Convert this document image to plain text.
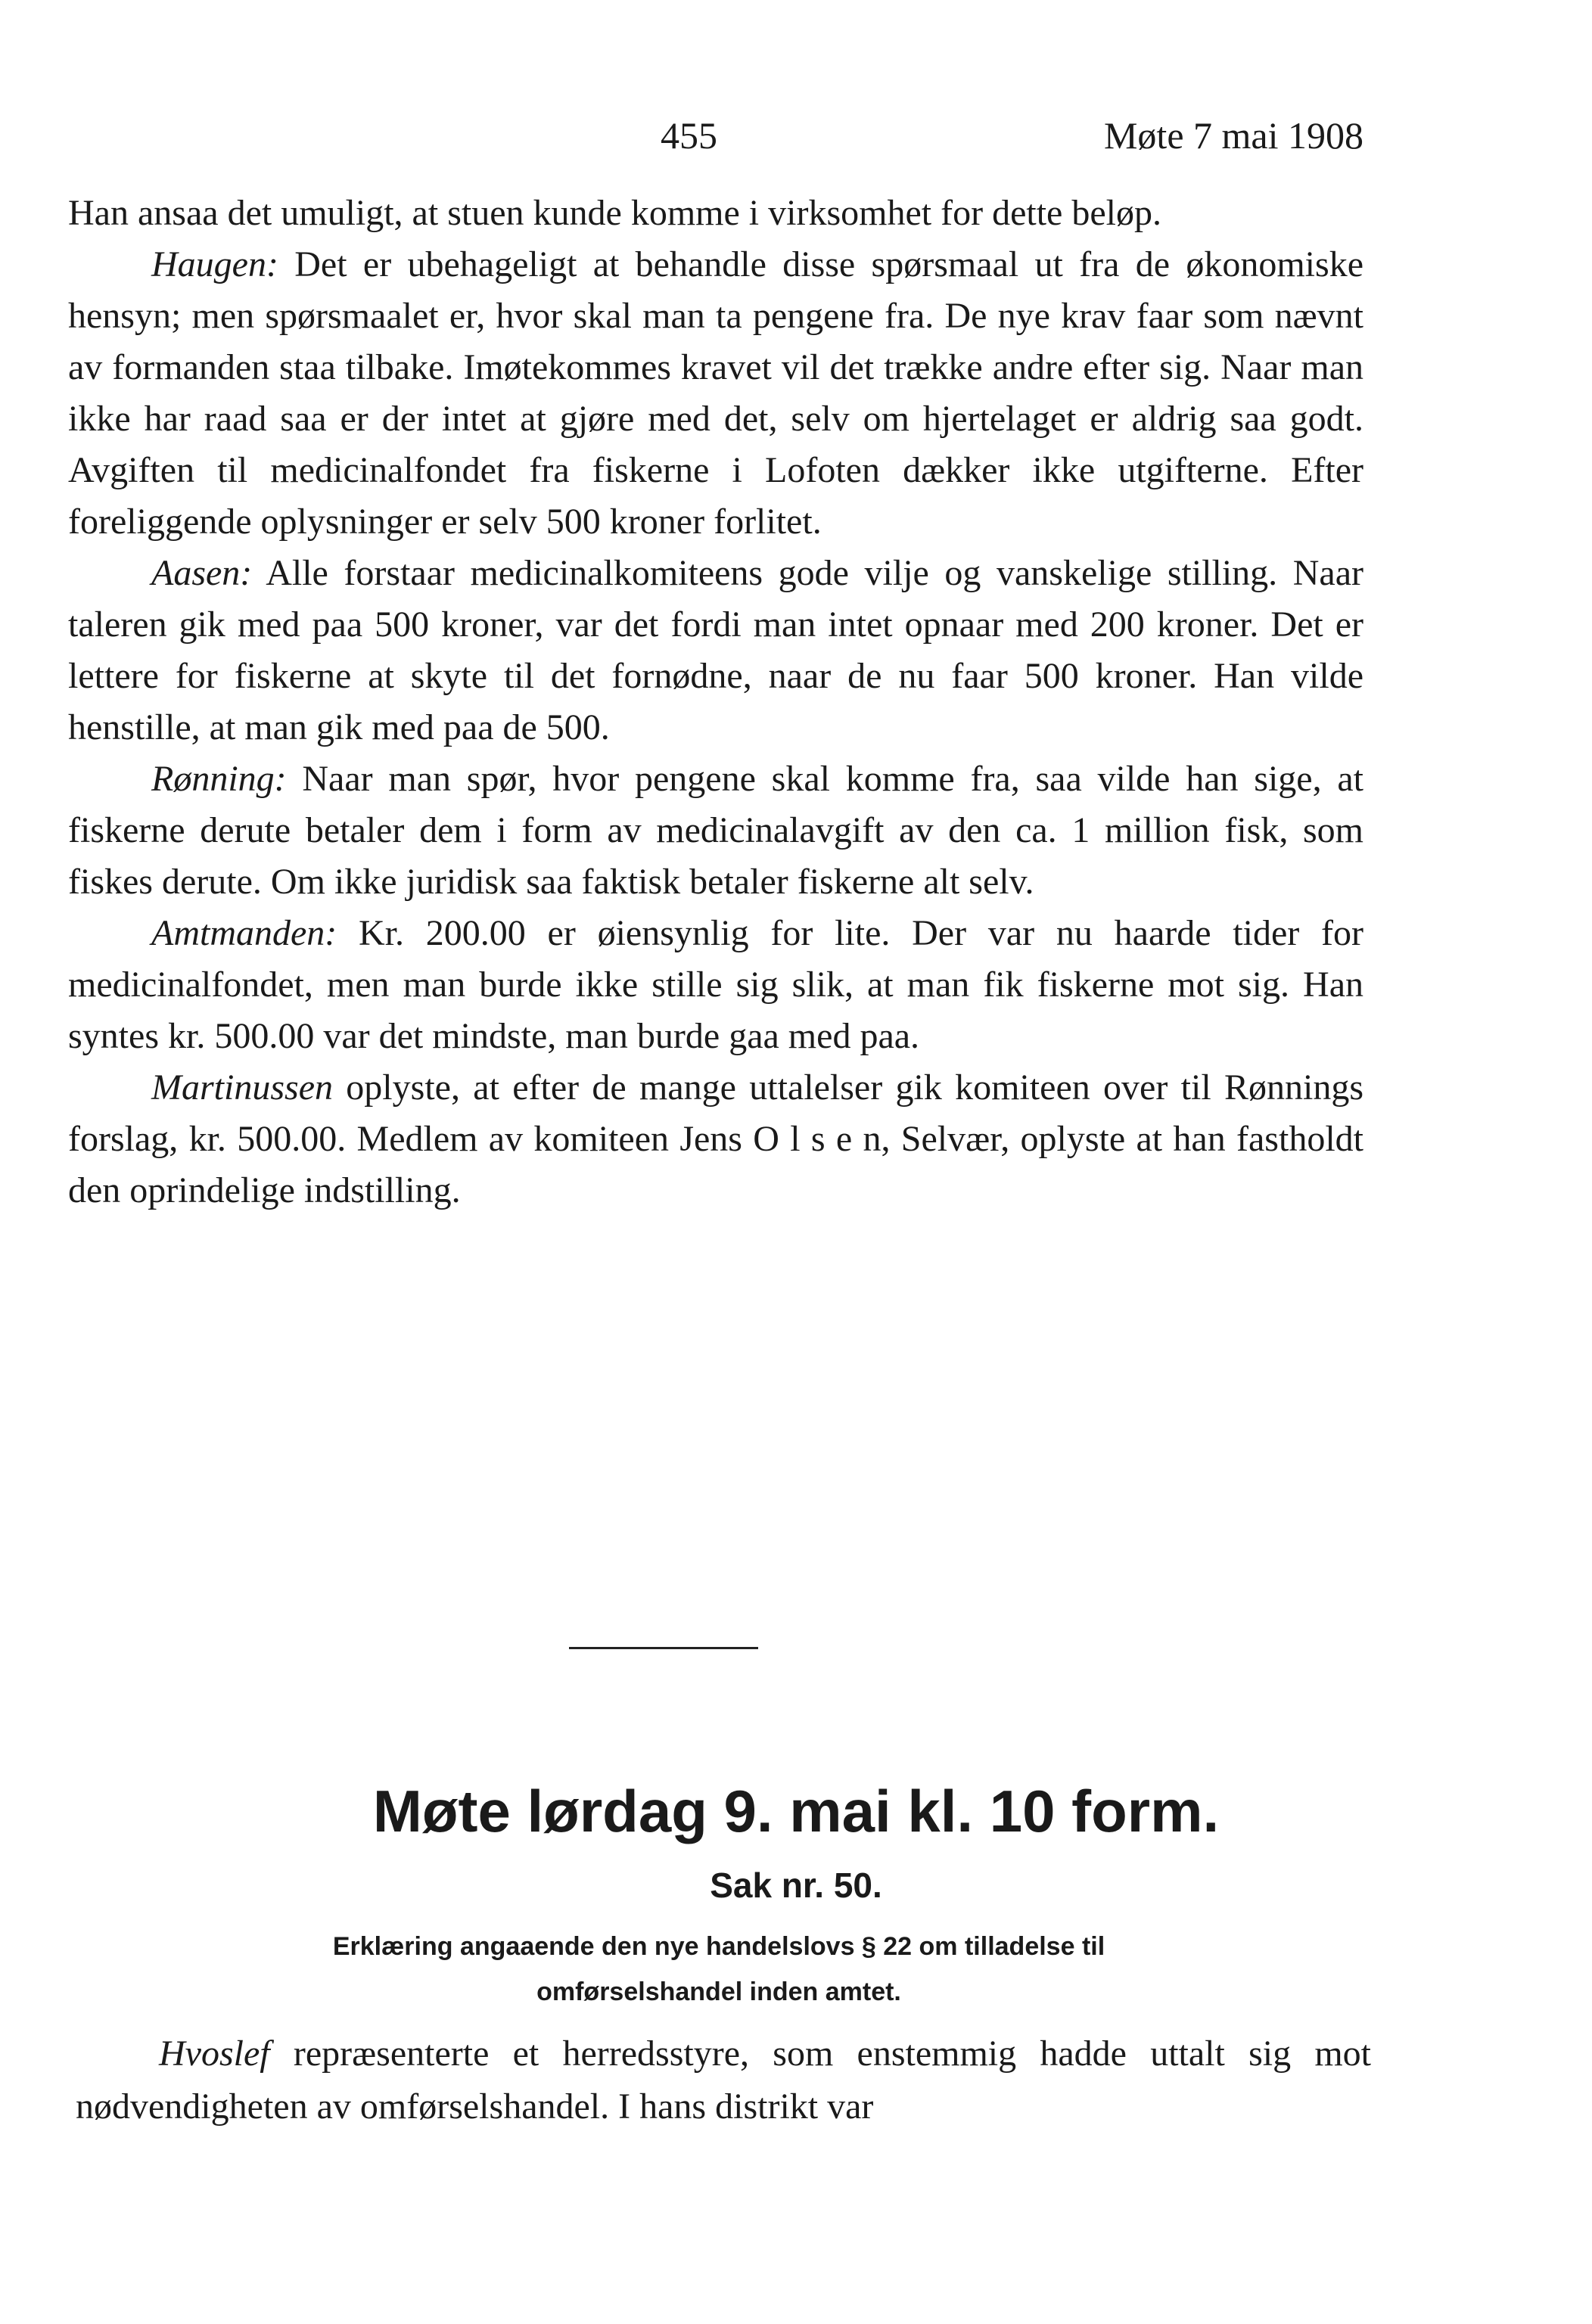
455	Møte 7 mai 1908

Han ansaa det umuligt, at stuen kunde komme i virksomhet for dette beløp.

Haugen: Det er ubehageligt at behandle disse spørsmaal ut fra de økonomiske hensyn; men spørsmaalet er, hvor skal man ta pengene fra. De nye krav faar som nævnt av formanden staa tilbake. Imøtekommes kravet vil det trække andre efter sig. Naar man ikke har raad saa er der intet at gjøre med det, selv om hjertelaget er aldrig saa godt. Avgiften til medicinalfondet fra fiskerne i Lofoten dækker ikke utgifterne. Efter foreliggende oplysninger er selv 500 kroner forlitet.

Aasen: Alle forstaar medicinalkomiteens gode vilje og vanskelige stilling. Naar taleren gik med paa 500 kroner, var det fordi man intet opnaar med 200 kroner. Det er lettere for fiskerne at skyte til det fornødne, naar de nu faar 500 kroner. Han vilde henstille, at man gik med paa de 500.

Rønning: Naar man spør, hvor pengene skal komme fra, saa vilde han sige, at fiskerne derute betaler dem i form av medicinalavgift av den ca. 1 million fisk, som fiskes derute. Om ikke juridisk saa faktisk betaler fiskerne alt selv.

Amtmanden: Kr. 200.00 er øiensynlig for lite. Der var nu haarde tider for medicinalfondet, men man burde ikke stille sig slik, at man fik fiskerne mot sig. Han syntes kr. 500.00 var det mindste, man burde gaa med paa.

Martinussen oplyste, at efter de mange uttalelser gik komiteen over til Rønnings forslag, kr. 500.00. Medlem av komiteen Jens O l s e n, Selvær, oplyste at han fastholdt den oprindelige indstilling.

Møte lørdag 9. mai kl. 10 form.
Sak nr. 50.
Erklæring angaaende den nye handelslovs § 22 om tilladelse til omførselshandel inden amtet.

Hvoslef repræsenterte et herredsstyre, som enstemmig hadde uttalt sig mot nødvendigheten av omførselshandel. I hans distrikt var
